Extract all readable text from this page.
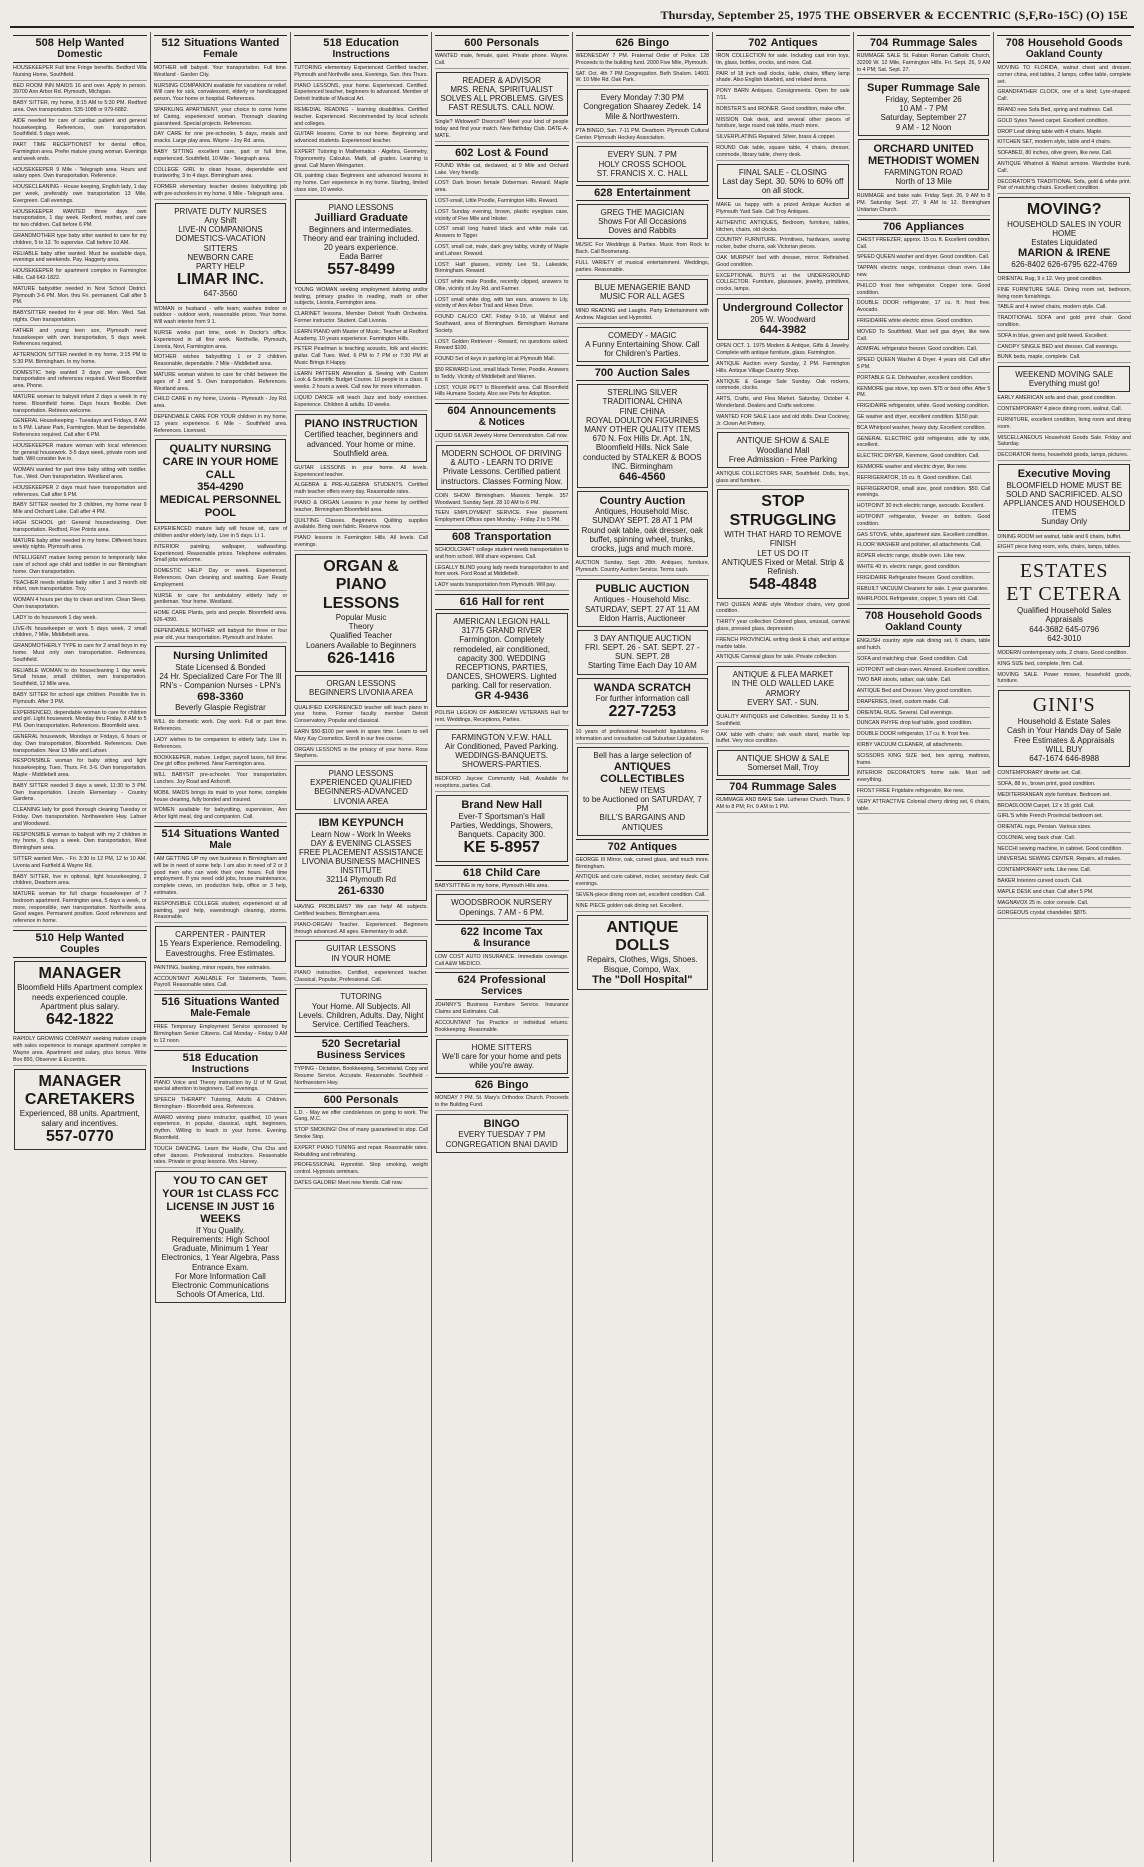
Thursday, September 25, 1975 THE OBSERVER & ECCENTRIC (S,F,Ro-15C) (O) 15E
508 Help Wanted
Domestic
HOUSEKEEPER Full time Fringe benefits. Bedford Villa Nursing Home, Southfield.
BED ROOM INN MAIDS 16 and over. Apply in person. 39700 Ann Arbor Rd. Plymouth, Michigan.
BABY SITTER, my home, 8:15 AM to 5:30 PM. Redford area. Own transportation. 535-1088 or 979-6882.
AIDE needed for care of cardiac patient and general housekeeping. References, own transportation. Southfield. 5 days week.
PART TIME RECEPTIONIST for dental office, Farmington area. Prefer mature young woman. Evenings and week ends.
HOUSEKEEPER 9 Mile - Telegraph area. Hours and salary open. Own transportation. Reference.
HOUSECLEANING - House keeping, English lady, 1 day per week, preferably own transportation 13 Mile, Evergreen. Call evenings.
HOUSEKEEPER WANTED three days own transportation, 1 day week. Redford, mother, and care for two children. Call before 6 PM.
GRANDMOTHER type baby sitter wanted to care for my children, 5 to 12. To supervise. Call before 10 AM.
RELIABLE baby sitter wanted. Must be available days, evenings and weekends. Pay. Haggerty area.
HOUSEKEEPER for apartment complex in Farmington Hills. Call 642-1822.
MATURE babysitter needed in Novi School District. Plymouth 3-6 PM. Mon. thru Fri. permanent. Call after 5 PM.
BABYSITTER needed for 4 year old. Mon. Wed. Sat. nights. Own transportation.
FATHER and young teen son, Plymouth need housekeeper with own transportation, 5 days week. References required.
AFTERNOON SITTER needed in my home, 3:15 PM to 5:30 PM. Birmingham. In my home.
DOMESTIC help wanted 3 days per week. Own transportation and references required. West Bloomfield area. Phone.
MATURE woman to babysit infant 2 days a week in my home. Bloomfield home. Days hours flexible. Own transportation. Retirees welcome.
GENERAL Housekeeping - Tuesdays and Fridays, 8 AM to 5 PM. Lahser Park, Farmington. Must be dependable. References required. Call after 6 PM.
HOUSEKEEPER mature woman with local references for general housework. 3-5 days week, private room and bath. Will consider live in.
WOMAN wanted for part time baby sitting with toddler. Tue., Wed. Own transportation. Westland area.
HOUSEKEEPER 2 days must have transportation and references. Call after 6 PM.
BABY SITTER needed for 3 children, my home near 9 Mile and Orchard Lake. Call after 4 PM.
HIGH SCHOOL girl: General housecleaning. Own transportation. Redford, Five Points area.
MATURE baby sitter needed in my home. Different hours weekly nights. Plymouth area.
INTELLIGENT mature loving person to temporarily take care of school age child and toddler in our Birmingham home. Own transportation.
TEACHER needs reliable baby sitter 1 and 3 month old infant, own transportation. Troy.
WOMAN 4 hours per day to clean and iron. Clean Sleep. Own transportation.
LADY to do housework 1 day week.
LIVE-IN housekeeper or work 5 days week, 2 small children, 7 Mile, Middlebelt area.
GRANDMOTHERLY TYPE to care for 2 small boys in my home. Must only own transportation. References. Southfield.
RELIABLE WOMAN to do housecleaning 1 day week. Small house, small children, own transportation. Southfield, 12 Mile area.
BABY SITTER for school age children. Possible live in. Plymouth. After 3 PM.
EXPERIENCED, dependable woman to care for children and girl. Light housework. Monday thru Friday. 8 AM to 5 PM. Own transportation. References. Bloomfield area.
GENERAL housework, Mondays or Fridays, 6 hours or day. Own transportation, Bloomfield. References. Own transportation. Near 13 Mile and Lahser.
RESPONSIBLE woman for baby sitting and light housekeeping. Tues. Thurs. Fri. 3-6. Own transportation. Maple - Middlebelt area.
BABY SITTER needed 3 days a week, 11:30 to 3 PM. Own transportation. Lincoln Elementary - Country Gardens.
CLEANING lady for good thorough cleaning Tuesday or Friday. Own transportation. Northwestern Hwy. Lahser and Woodward.
RESPONSIBLE woman to babysit with my 2 children in my home, 5 days a week. Own transportation, West Birmingham area.
SITTER wanted Mon. - Fri. 3:30 to 12 PM, 12 to 10 AM. Livonia and Fairfield & Wayne Rd.
BABY SITTER, live in optional, light housekeeping, 2 children, Dearborn area.
MATURE woman for full charge housekeeper of 7 bedroom apartment. Farmington area, 5 days a week, or more, responsible, own transportation. Northville area. Good wages. Permanent position. Good references and reference in home.
510 Help Wanted
Couples
MANAGER
Bloomfield Hills Apartment complex needs experienced couple. Apartment plus salary.
642-1822
RAPIDLY GROWING COMPANY seeking mature couple with sales experience to manage apartment complex in Wayne area. Apartment and salary, plus bonus. Write Box 850, Observer & Eccentric.
MANAGER CARETAKERS
Experienced, 88 units. Apartment, salary and incentives.
557-0770
512 Situations Wanted
Female
MOTHER will babysit. Your transportation. Full time. Westland - Garden City.
NURSING COMPANION available for vacations or relief. Will care for sick, convalescent, elderly or handicapped person. Your home or hospital. References.
SPARKLING APARTMENT, your choice to come home to! Caring, experienced woman. Thorough cleaning guaranteed. Special projects. References.
DAY CARE for one pre-schooler, 5 days, meals and snacks. Large play area. Wayne - Joy Rd. area.
BABY SITTING excellent care, part or full time, experienced. Southfield, 10 Mile - Telegraph area.
COLLEGE GIRL to clean house, dependable and trustworthy, 3 to 4 days. Birmingham area.
FORMER elementary teacher desires babysitting job with pre-schoolers in my home. 9 Mile - Telegraph area.
PRIVATE DUTY NURSES
Any Shift
LIVE-IN COMPANIONS
DOMESTICS-VACATION SITTERS
NEWBORN CARE
PARTY HELP
LIMAR INC.
647-3560
WOMAN or husband - wife team; washes indoor or outdoor - outdoor work, reasonable prices. Your home. Will wash interior from 9 1.
NURSE works part time, work in Doctor's office. Experienced in all fine work. Northville, Plymouth, Livonia, Novi, Farmington area.
MOTHER wishes babysitting 1 or 2 children. Reasonable, dependable. 7 Mile - Middlebelt area.
MATURE woman wishes to care for child between the ages of 2 and 5. Own transportation. References. Westland area.
CHILD CARE in my home, Livonia - Plymouth - Joy Rd. area.
DEPENDABLE CARE FOR YOUR children in my home, 13 years experience. 6 Mile - Southfield area. References. Licensed.
QUALITY NURSING CARE IN YOUR HOME
CALL
354-4290
MEDICAL PERSONNEL POOL
EXPERIENCED mature lady will house sit, care of children and/or elderly lady. Live in 5 days. Lt 1.
INTERIOR painting, wallpaper, wallwashing. Experienced. Reasonable prices. Telephone estimates. Small jobs welcome.
DOMESTIC HELP Day or week. Experienced. References. Own cleaning and washing. Ever Ready Employment.
NURSE to care for ambulatory elderly lady or gentleman. Your home. Westland.
HOME CARE Plants, pets and people. Bloomfield area. 626-4390.
DEPENDABLE MOTHER will babysit for three or four year old, your transportation. Plymouth and Inkster.
Nursing Unlimited
State Licensed & Bonded
24 Hr. Specialized Care For The Ill
RN's - Companion Nurses - LPN's
698-3360
Beverly Glaspie Registrar
WILL do domestic work. Day work. Full or part time. References.
LADY wishes to be companion to elderly lady. Live in. References.
BOOKKEEPER, mature. Ledger, payroll taxes, full time. One girl office preferred. Near Farmington area.
WILL BABYSIT pre-schooler. Your transportation. Lunches. Joy Road and Ashcroft.
MOBIL MAIDS brings its maid to your home, complete house cleaning, fully bonded and insured.
WOMEN available for babysitting, supervision, Ann Arbor light meal, dog and companion. Call.
514 Situations Wanted
Male
I AM GETTING UP my own business in Birmingham and will be in need of some help. I am also in need of 2 or 3 good men who can work their own hours. Full time employment. If you need odd jobs, house maintenance, complete crews, on production help, office or 3 help, estimates.
RESPONSIBLE COLLEGE student, experienced at all painting, yard help, eavestrough cleaning, storms. Reasonable.
CARPENTER - PAINTER
15 Years Experience. Remodeling. Eavestroughs. Free Estimates.
PAINTING, basking, minor repairs, free estimates.
ACCOUNTANT AVAILABLE For Statements, Taxes, Payroll. Reasonable rates. Call.
516 Situations Wanted
Male-Female
FREE Temporary Employment Service sponsored by Birmingham Senior Citizens. Call Monday - Friday 9 AM to 12 noon.
518 Education
Instructions
PIANO Voice and Theory instruction by U of M Grad, special attention to beginners. Call evenings.
SPEECH THERAPY Tutoring, Adults & Children. Birmingham - Bloomfield area. References.
AWARD winning piano instructor, qualified, 10 years experience, in popular, classical, sight, beginners, rhythm. Willing to teach in your home. Evening. Bloomfield.
TOUCH DANCING. Learn the Hustle, Cha Cha and other dances. Professional instructors. Reasonable rates. Private or group lessons. Mrs. Harvey.
YOU TO CAN GET YOUR 1st CLASS FCC LICENSE IN JUST 16 WEEKS
If You Qualify.
Requirements: High School Graduate, Minimum 1 Year Electronics, 1 Year Algebra, Pass Entrance Exam.
For More Information Call
Electronic Communications Schools Of America, Ltd.
518 Education
Instructions
TUTORING elementary Experienced Certified teacher, Plymouth and Northville area. Evenings, Sun. thru Thurs.
PIANO LESSONS, your home. Experienced. Certified. Experienced teacher, beginners to advanced. Member of Detroit Institute of Musical Art.
REMEDIAL READING - learning disabilities. Certified teacher. Experienced. Recommended by local schools and colleges.
GUITAR lessons. Come to our home. Beginning and advanced students. Experienced teacher.
EXPERT Tutoring in Mathematics - Algebra, Geometry, Trigonometry. Calculus. Math, all grades. Learning is great. Call Maren Weingarten.
OIL painting class Beginners and advanced lessons in my home. Carr experience in my home. Starting, limited class size, 10 weeks.
PIANO LESSONS
Juilliard Graduate
Beginners and intermediates. Theory and ear training included. 20 years experience.
Eada Barrer
557-8499
YOUNG WOMAN seeking employment tutoring and/or testing, primary grades in reading, math or other subjects, Livonia, Farmington area.
CLARINET lessons, Member Detroit Youth Orchestra. Former instructor. Student. Call Livonia.
LEARN PIANO with Master of Music. Teacher at Redford Academy, 10 years experience. Farmington Hills.
PETER Pearlman is teaching acoustic, folk and electric guitar. Call Tues. Wed. 6 PM to 7 PM or 7:30 PM at Music Brings it Happy.
LEARN PATTERN Alteration & Sewing with Custom Look & Scientific Budget Course. 10 people in a class. 6 weeks. 2 hours a week. Call now for more information.
LIQUID DANCE will teach Jazz and body exercises. Experience. Children & adults. 10 weeks.
PIANO INSTRUCTION
Certified teacher, beginners and advanced. Your home or mine. Southfield area.
GUITAR LESSONS in your home. All levels. Experienced teacher.
ALGEBRA & PRE-ALGEBRA STUDENTS. Certified math teacher offers every day. Reasonable rates.
PIANO & ORGAN Lessons in your home by certified teacher, Birmingham Bloomfield area.
QUILTING Classes. Beginners. Quilting supplies available. Bring own fabric. Reserve now.
PIANO lessons in Farmington Hills. All levels. Call evenings.
ORGAN & PIANO LESSONS
Popular Music
Theory
Qualified Teacher
Loaners Available to Beginners
626-1416
ORGAN LESSONS
BEGINNERS LIVONIA AREA
QUALIFIED EXPERIENCED teacher will teach piano in your home. Former faculty member Detroit Conservatory. Popular and classical.
EARN $50-$100 per week in spare time. Learn to sell Mary Kay Cosmetics. Enroll in our free course.
ORGAN LESSONS in the privacy of your home. Rose Stephens.
PIANO LESSONS
EXPERIENCED QUALIFIED
BEGINNERS-ADVANCED
LIVONIA AREA
IBM KEYPUNCH
Learn Now - Work In Weeks
DAY & EVENING CLASSES
FREE PLACEMENT ASSISTANCE
LIVONIA BUSINESS MACHINES INSTITUTE
32114 Plymouth Rd
261-6330
HAVING PROBLEMS? We can help! All subjects. Certified teachers. Birmingham area.
PIANO-ORGAN Teacher. Experienced. Beginners through advanced. All ages. Elementary to adult.
GUITAR LESSONS
IN YOUR HOME
PIANO instruction. Certified, experienced teacher. Classical, Popular, Professional. Call.
TUTORING
Your Home. All Subjects. All Levels. Children, Adults. Day, Night Service. Certified Teachers.
520 Secretarial
Business Services
TYPING - Dictation, Bookkeeping, Secretarial, Copy and Resume Service. Accurate. Reasonable. Southfield - Northwestern Hwy.
600 Personals
L.D. - May we offer condolences on going to work. The Gang, M.C.
STOP SMOKING! One of many guaranteed to stop. Call Smoke Stop.
EXPERT PIANO TUNING and repair. Reasonable rates. Rebuilding and refinishing.
PROFESSIONAL Hypnotist. Stop smoking, weight control. Hypnosis seminars.
DATES GALORE! Meet new friends. Call now.
600 Personals
WANTED male, female, quiet. Private phone. Wayne. Call.
READER & ADVISOR
MRS. RENA, SPIRITUALIST
SOLVES ALL PROBLEMS. GIVES FAST RESULTS. CALL NOW.
Single? Widowed? Divorced? Meet your kind of people today and find your match. New Birthday Club. DATE-A-MATE.
602 Lost & Found
FOUND White cat, declawed, at 9 Mile and Orchard Lake. Very friendly.
LOST: Dark brown female Doberman. Reward. Maple area.
LOST-small, Little Poodle, Farmington Hills. Reward.
LOST Sunday evening, brown, plastic eyeglass case, vicinity of Five Mile and Inkster.
LOST small long haired black and white male cat. Answers to Tigger.
LOST, small cat, male, dark grey tabby, vicinity of Maple and Lahser. Reward.
LOST: Half glasses, vicinity Lee St., Lakeside, Birmingham. Reward.
LOST white male Poodle, recently clipped, answers to Ollie, vicinity of Joy Rd. and Farmer.
LOST small white dog, with tan ears, answers to Lily, vicinity of Ann Arbor Trail and Hines Drive.
FOUND CALICO CAT, Friday 9-19, at Walnut and Southward, area of Birmingham. Birmingham Humane Society.
LOST: Golden Retriever - Reward, no questions asked. Reward $100.
FOUND Set of keys in parking lot at Plymouth Mall.
$50 REWARD Lost, small black Terrier, Poodle. Answers to Teddy. Vicinity of Middlebelt and Warren.
LOST, YOUR PET? Is Bloomfield area. Call Bloomfield Hills Humane Society. Also see Pets for Adoption.
604 Announcements
& Notices
LIQUID SILVER Jewelry Home Demonstration. Call now.
MODERN SCHOOL OF DRIVING & AUTO - LEARN TO DRIVE
Private Lessons. Certified patient instructors. Classes Forming Now.
COIN SHOW Birmingham. Masonic Temple. 357 Woodward. Sunday Sept. 28 10 AM to 6 PM.
TEEN EMPLOYMENT SERVICE. Free placement. Employment Offices open Monday - Friday 2 to 5 PM.
608 Transportation
SCHOOLCRAFT college student needs transportation to and from school. Will share expenses. Call.
LEGALLY BLIND young lady needs transportation to and from work. Ford Road at Middlebelt.
LADY wants transportation from Plymouth. Will pay.
616 Hall for rent
AMERICAN LEGION HALL
31775 GRAND RIVER
Farmington. Completely remodeled, air conditioned, capacity 300. WEDDING RECEPTIONS, PARTIES, DANCES, SHOWERS. Lighted parking. Call for reservation.
GR 4-9436
POLISH LEGION OF AMERICAN VETERANS Hall for rent. Weddings, Receptions, Parties.
FARMINGTON V.F.W. HALL
Air Conditioned, Paved Parking. WEDDINGS-BANQUETS. SHOWERS-PARTIES.
BEDFORD Jaycee Community Hall, Available for receptions, parties. Call.
Brand New Hall
Ever-T Sportsman's Hall
Parties, Weddings, Showers, Banquets. Capacity 300.
KE 5-8957
618 Child Care
BABYSITTING in my home, Plymouth Hills area.
WOODSBROOK NURSERY
Openings. 7 AM - 6 PM.
622 Income Tax
& Insurance
LOW COST AUTO INSURANCE. Immediate coverage. Call A&W MEDICO.
624 Professional
Services
JOHNNY'S Business Furniture Service. Insurance Claims and Estimates. Call.
ACCOUNTANT Tax Practice or individual returns. Bookkeeping. Reasonable.
HOME SITTERS
We'll care for your home and pets while you're away.
626 Bingo
MONDAY 7 PM. St. Mary's Orthodox Church. Proceeds to the Building Fund.
BINGO
EVERY TUESDAY 7 PM
CONGREGATION BNAI DAVID
626 Bingo
WEDNESDAY 7 PM. Fraternal Order of Police. 128 Proceeds to the building fund. 2000 Five Mile, Plymouth.
SAT. Oct. 4th 7 PM Congregation. Beth Shalom. 14601 W. 10 Mile Rd. Oak Park.
Every Monday 7:30 PM
Congregation Shaarey Zedek. 14 Mile & Northwestern.
PTA BINGO, Sun. 7-11 PM. Dearborn. Plymouth Cultural Center. Plymouth Hockey Association.
EVERY SUN. 7 PM
HOLY CROSS SCHOOL
ST. FRANCIS X. C. HALL
628 Entertainment
GREG THE MAGICIAN
Shows For All Occasions
Doves and Rabbits
MUSIC For Weddings & Parties. Music from Rock to Bach. Call Boomerang.
FULL VARIETY of musical entertainment. Weddings, parties. Reasonable.
BLUE MENAGERIE BAND
MUSIC FOR ALL AGES
MIND READING and Laughs. Party Entertainment with Andrew. Magician and Hypnotist.
COMEDY - MAGIC
A Funny Entertaining Show. Call for Children's Parties.
700 Auction Sales
STERLING SILVER
TRADITIONAL CHINA
FINE CHINA
ROYAL DOULTON FIGURINES
MANY OTHER QUALITY ITEMS
670 N. Fox Hills Dr. Apt. 1N, Bloomfield Hills. Nick Sale conducted by STALKER & BOOS INC. Birmingham
646-4560
Country Auction
Antiques, Household Misc.
SUNDAY SEPT. 28 AT 1 PM
Round oak table, oak dresser, oak buffet, spinning wheel, trunks, crocks, jugs and much more.
AUCTION Sunday, Sept. 28th. Antiques, furniture, Plymouth. Country Auction Service. Terms cash.
PUBLIC AUCTION
Antiques - Household Misc.
SATURDAY, SEPT. 27 AT 11 AM
Eldon Harris, Auctioneer
3 DAY ANTIQUE AUCTION
FRI. SEPT. 26 - SAT. SEPT. 27 - SUN. SEPT. 28
Starting Time Each Day 10 AM
WANDA SCRATCH
For further information call
227-7253
10 years of professional household liquidations. For information and consultation call Suburban Liquidators.
Bell has a large selection of
ANTIQUES
COLLECTIBLES
NEW ITEMS
to be Auctioned on SATURDAY, 7 PM
BILL'S BARGAINS AND ANTIQUES
702 Antiques
GEORGE III Mirror, oak, curved glass, and much more. Birmingham.
ANTIQUE and curio cabinet, rocker, secretary desk. Call evenings.
SEVEN-piece dining room set, excellent condition. Call.
NINE PIECE golden oak dining set. Excellent.
ANTIQUE DOLLS
Repairs, Clothes, Wigs, Shoes. Bisque, Compo, Wax.
The "Doll Hospital"
702 Antiques
IRON COLLECTION for sale. Including cast iron toys, tin, glass, bottles, crocks, and more. Call.
PAIR of 18 inch wall clocks, table, chairs, tiffany lamp shade. Also English bluebird, and related items.
PONY BARN Antiques. Consignments. Open for sale 7/11.
BOBSTER'S and IRONER. Good condition, make offer.
MISSION Oak desk, and several other pieces of furniture, large round oak table, much more.
SILVERPLATING Repaired. Silver, brass & copper.
ROUND Oak table, square table, 4 chairs, dresser, commode, library table, cherry desk.
FINAL SALE - CLOSING
Last day Sept. 30. 50% to 60% off on all stock.
MAKE us happy with a prized Antique Auction at Plymouth Yard Sale. Call Troy Antiques.
AUTHENTIC ANTIQUES, Bedroom, furniture, tables, kitchen, chairs, old clocks.
COUNTRY FURNITURE. Primitives, hardware, sewing rocker, butter churns, oak Victorian pieces.
OAK MURPHY bed with dresser, mirror. Refinished. Good condition.
EXCEPTIONAL BUYS at the UNDERGROUND COLLECTOR. Furniture, glassware, jewelry, primitives, crocks, lamps.
Underground Collector
205 W. Woodward
644-3982
OPEN OCT. 1. 1975 Modern & Antique, Gifts & Jewelry. Complete with antique furniture, glass. Farmington.
ANTIQUE Auction every Sunday, 2 PM. Farmington Hills. Antique Village Country Shop.
ANTIQUE & Garage Sale Sunday. Oak rockers, commode, clocks.
ARTS, Crafts, and Flea Market. Saturday, October 4. Wonderland. Dealers and Crafts welcome.
WANTED FOR SALE Lace and old dolls. Dear Cockney, Jr. Clown Art Pottery.
ANTIQUE SHOW & SALE
Woodland Mall
Free Admission - Free Parking
ANTIQUE COLLECTORS FAIR, Southfield. Dolls, toys, glass and furniture.
STOP STRUGGLING
WITH THAT HARD TO REMOVE FINISH
LET US DO IT
ANTIQUES Fixed or Metal. Strip & Refinish.
548-4848
TWO QUEEN ANNE style Windsor chairs, very good condition.
THIRTY year collection Colored glass, unusual, carnival glass, pressed glass, depression.
FRENCH PROVINCIAL writing desk & chair, and antique marble table.
ANTIQUE Carnival glass for sale. Private collection.
ANTIQUE & FLEA MARKET
IN THE OLD WALLED LAKE ARMORY
EVERY SAT. - SUN.
QUALITY ANTIQUES and Collectibles. Sunday 11 to 5. Southfield.
OAK table with chairs; oak wash stand, marble top buffet. Very nice condition.
ANTIQUE SHOW & SALE
Somerset Mall, Troy
704 Rummage Sales
RUMMAGE AND BAKE Sale. Lutheran Church. Thurs. 9 AM to 8 PM; Fri. 9 AM to 1 PM.
704 Rummage Sales
RUMMAGE SALE St. Fabian Roman Catholic Church, 32200 W. 12 Mile, Farmington Hills. Fri. Sept. 26, 9 AM to 4 PM; Sat. Sept. 27.
Super Rummage Sale
Friday, September 26
10 AM - 7 PM
Saturday, September 27
9 AM - 12 Noon
ORCHARD UNITED METHODIST WOMEN
FARMINGTON ROAD
North of 13 Mile
RUMMAGE and bake sale. Friday Sept. 26, 9 AM to 8 PM. Saturday Sept. 27, 9 AM to 12. Birmingham Unitarian Church.
706 Appliances
CHEST FREEZER, approx. 15 cu. ft. Excellent condition. Call.
SPEED QUEEN washer and dryer. Good condition. Call.
TAPPAN electric range, continuous clean oven. Like new.
PHILCO frost free refrigerator. Copper tone. Good condition.
DOUBLE DOOR refrigerator, 17 cu. ft. frost free. Avocado.
FRIGIDAIRE white electric stove. Good condition.
MOVED To Southfield. Must sell gas dryer, like new. Call.
ADMIRAL refrigerator freezer. Good condition. Call.
SPEED QUEEN Washer & Dryer. 4 years old. Call after 5 PM.
PORTABLE G.E. Dishwasher, excellent condition.
KENMORE gas stove, top oven. $75 or best offer. After 5 PM.
FRIGIDAIRE refrigerator, white. Good working condition.
GE washer and dryer, excellent condition. $150 pair.
BCA Whirlpool washer, heavy duty. Excellent condition.
GENERAL ELECTRIC gold refrigerator, side by side, excellent.
ELECTRIC DRYER, Kenmore, Good condition. Call.
KENMORE washer and electric dryer, like new.
REFRIGERATOR, 15 cu. ft. Good condition. Call.
REFRIGERATOR, small size, good condition. $50. Call evenings.
HOTPOINT 30 inch electric range, avocado. Excellent.
HOTPOINT refrigerator, freezer on bottom. Good condition.
GAS STOVE, white, apartment size. Excellent condition.
FLOOR WASHER and polisher, all attachments. Call.
ROPER electric range, double oven. Like new.
WHITE 40 in. electric range, good condition.
FRIGIDAIRE Refrigerator freezer. Good condition.
REBUILT VACUUM Cleaners for sale. 1 year guarantee.
WHIRLPOOL Refrigerator, copper, 5 years old. Call.
708 Household Goods
Oakland County
ENGLISH country style oak dining set, 6 chairs, table and hutch.
SOFA and matching chair. Good condition. Call.
HOTPOINT self clean oven. Almond. Excellent condition.
TWO BAR stools, rattan; oak table. Call.
ANTIQUE Bed and Dresser. Very good condition.
DRAPERIES, lined, custom made. Call.
ORIENTAL RUG. Several. Call evenings.
DUNCAN PHYFE drop leaf table, good condition.
DOUBLE DOOR refrigerator, 17 cu. ft. frost free.
KIRBY VACUUM CLEANER, all attachments.
SCISSORS KING SIZE bed, box spring, mattress, frame.
INTERIOR DECORATOR'S home sale. Must sell everything.
FROST FREE Frigidaire refrigerator, like new.
VERY ATTRACTIVE Colonial cherry dining set, 6 chairs, table.
708 Household Goods
Oakland County
MOVING TO FLORIDA, walnut chest and dresser, corner china, end tables, 2 lamps, coffee table, complete set.
GRANDFATHER CLOCK, one of a kind; Lyre-shaped. Call.
BRAND new Sofa Bed, spring and mattress. Call.
GOLD Sytes Tweed carpet. Excellent condition.
DROP Leaf dining table with 4 chairs. Maple.
KITCHEN SET, modern style, table and 4 chairs.
SOFABED, 80 inches, olive green, like new. Call.
ANTIQUE Whatnot & Walnut armoire. Wardrobe trunk. Call.
DECORATOR'S TRADITIONAL Sofa, gold & white print. Pair of matching chairs. Excellent condition.
MOVING?
HOUSEHOLD SALES IN YOUR HOME
Estates Liquidated
MARION & IRENE
626-8402 626-6795 622-4769
ORIENTAL Rug, 9 x 12. Very good condition.
FINE FURNITURE SALE. Dining room set, bedroom, living room furnishings.
TABLE and 4 swivel chairs, modern style. Call.
TRADITIONAL SOFA and gold print chair. Good condition.
SOFA in blue, green and gold tweed. Excellent.
CANOPY SINGLE BED and dresser. Call evenings.
BUNK beds, maple, complete. Call.
WEEKEND MOVING SALE
Everything must go!
EARLY AMERICAN sofa and chair, good condition.
CONTEMPORARY 4 piece dining room, walnut. Call.
FURNITURE, excellent condition, living room and dining room.
MISCELLANEOUS Household Goods Sale. Friday and Saturday.
DECORATOR items, household goods, lamps, pictures.
Executive Moving
BLOOMFIELD HOME MUST BE SOLD AND SACRIFICED. ALSO APPLIANCES AND HOUSEHOLD ITEMS
Sunday Only
DINING ROOM set walnut, table and 6 chairs, buffet.
EIGHT piece living room, sofa, chairs, lamps, tables.
ESTATES
ET CETERA
Qualified Household Sales Appraisals
644-3682 645-0796
642-3010
MODERN contemporary sofa, 2 chairs, Good condition.
KING SIZE bed, complete, firm. Call.
MOVING SALE. Power mower, household goods, furniture.
GINI'S
Household & Estate Sales
Cash in Your Hands Day of Sale
Free Estimates & Appraisals
WILL BUY
647-1674 646-8988
CONTEMPORARY dinette set. Call.
SOFA, 88 in., brown print, good condition.
MEDITERRANEAN style furniture. Bedroom set.
BROADLOOM Carpet, 12 x 15 gold. Call.
GIRL'S white French Provincial bedroom set.
ORIENTAL rugs, Persian. Various sizes.
COLONIAL wing back chair. Call.
NECCHI sewing machine, in cabinet. Good condition.
UNIVERSAL SEWING CENTER. Repairs, all makes.
CONTEMPORARY sofa. Like new. Call.
BAKER Interiors curved couch. Call.
MAPLE DESK and chair. Call after 5 PM.
MAGNAVOX 25 in. color console. Call.
GORGEOUS crystal chandelier. $875.
